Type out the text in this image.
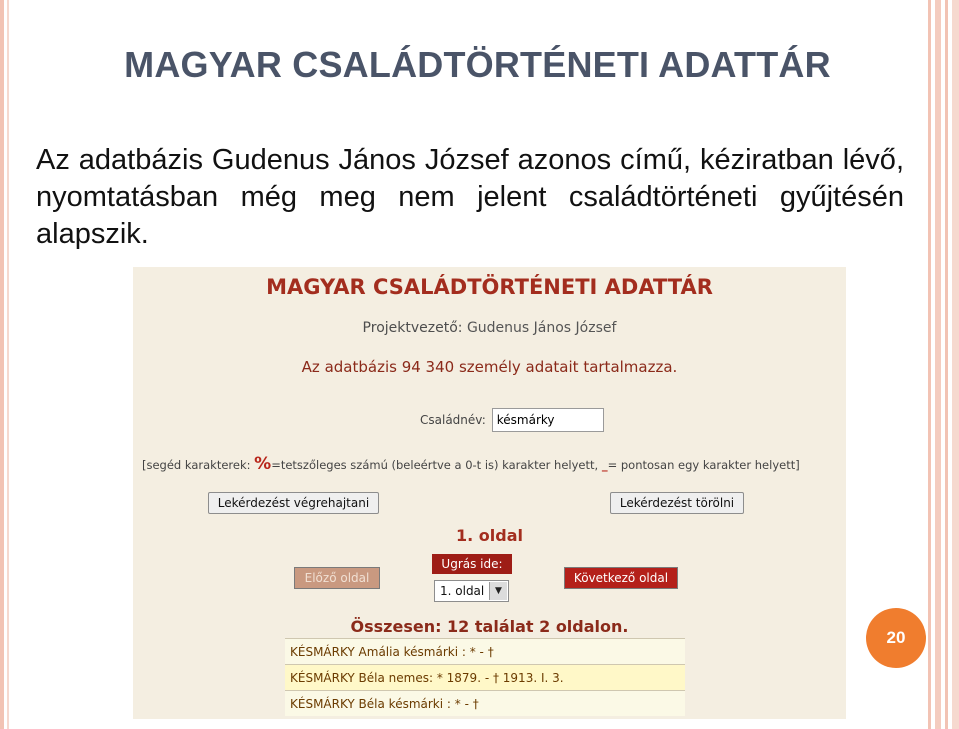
MAGYAR CSALÁDTÖRTÉNETI ADATTÁR
Az adatbázis Gudenus János József azonos című, kéziratban lévő, nyomtatásban még meg nem jelent családtörténeti gyűjtésén alapszik.
MAGYAR CSALÁDTÖRTÉNETI ADATTÁR
Projektvezető: Gudenus János József
Az adatbázis 94 340 személy adatait tartalmazza.
Családnév:
késmárky
[segéd karakterek: %=tetszőleges számú (beleértve a 0-t is) karakter helyett, _= pontosan egy karakter helyett]
Lekérdezést végrehajtani	Lekérdezést törölni
1. oldal
Előző oldal
Ugrás ide:
1. oldal	▼
Következő oldal
Összesen: 12 találat 2 oldalon.
KÉSMÁRKY Amália késmárki : * - †
KÉSMÁRKY Béla nemes: * 1879. - † 1913. I. 3.
KÉSMÁRKY Béla késmárki : * - †
20
